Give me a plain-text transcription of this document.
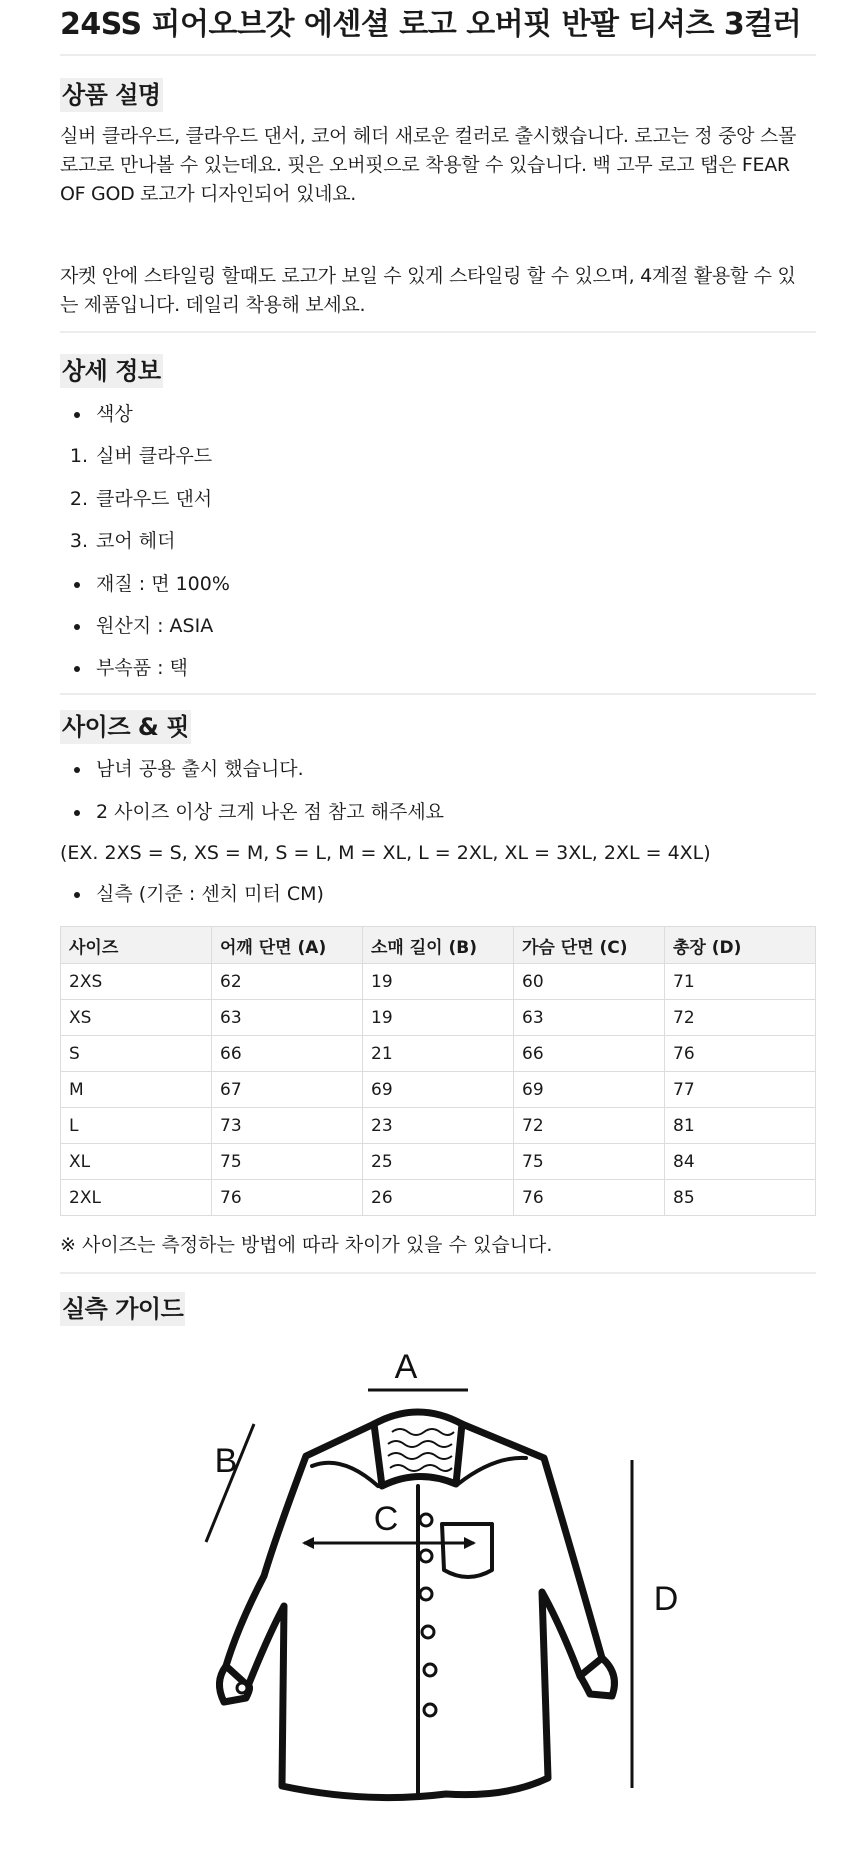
24SS 피어오브갓 에센셜 로고 오버핏 반팔 티셔츠 3컬러
상품 설명

실버 클라우드, 클라우드 댄서, 코어 헤더 새로운 컬러로 출시했습니다. 로고는 정 중앙 스몰
로고로 만나볼 수 있는데요. 핏은 오버핏으로 착용할 수 있습니다. 백 고무 로고 탭은 FEAR
OF GOD 로고가 디자인되어 있네요.

자켓 안에 스타일링 할때도 로고가 보일 수 있게 스타일링 할 수 있으며, 4계절 활용할 수 있
는 제품입니다. 데일리 착용해 보세요.

상세 정보
색상
1. 실버 클라우드
2. 클라우드 댄서
3. 코어 헤더
재질 : 면 100%
원산지 : ASIA
부속품 : 택
사이즈 & 핏
남녀 공용 출시 했습니다.
2 사이즈 이상 크게 나온 점 참고 해주세요
(EX. 2XS = S, XS = M, S = L, M = XL, L = 2XL, XL = 3XL, 2XL = 4XL)
실측 (기준 : 센치 미터 CM)
사이즈	어깨 단면 (A)	소매 길이 (B)	가슴 단면 (C)	총장 (D)
2XS	62	19	60	71
XS	63	19	63	72
S	66	21	66	76
M	67	69	69	77
L	73	23	72	81
XL	75	25	75	84
2XL	76	26	76	85
※ 사이즈는 측정하는 방법에 따라 차이가 있을 수 있습니다.
실측 가이드
A
B
C
D
